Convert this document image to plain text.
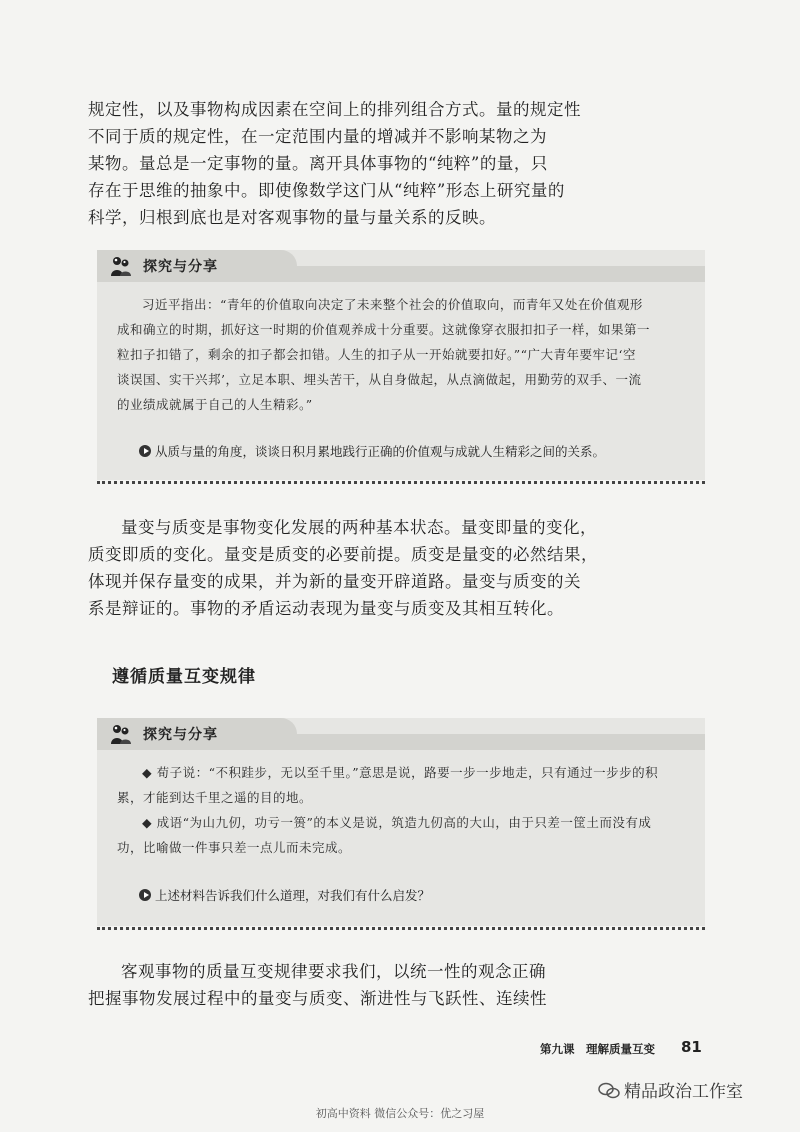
规定性，以及事物构成因素在空间上的排列组合方式。量的规定性
不同于质的规定性，在一定范围内量的增减并不影响某物之为
某物。量总是一定事物的量。离开具体事物的“纯粹”的量，只
存在于思维的抽象中。即使像数学这门从“纯粹”形态上研究量的
科学，归根到底也是对客观事物的量与量关系的反映。
探究与分享
习近平指出：“青年的价值取向决定了未来整个社会的价值取向，而青年又处在价值观形
成和确立的时期，抓好这一时期的价值观养成十分重要。这就像穿衣服扣扣子一样，如果第一
粒扣子扣错了，剩余的扣子都会扣错。人生的扣子从一开始就要扣好。”“广大青年要牢记‘空
谈误国、实干兴邦’，立足本职、埋头苦干，从自身做起，从点滴做起，用勤劳的双手、一流
的业绩成就属于自己的人生精彩。”
从质与量的角度，谈谈日积月累地践行正确的价值观与成就人生精彩之间的关系。
量变与质变是事物变化发展的两种基本状态。量变即量的变化，
质变即质的变化。量变是质变的必要前提。质变是量变的必然结果，
体现并保存量变的成果，并为新的量变开辟道路。量变与质变的关
系是辩证的。事物的矛盾运动表现为量变与质变及其相互转化。
遵循质量互变规律
探究与分享
◆ 荀子说：“不积跬步，无以至千里。”意思是说，路要一步一步地走，只有通过一步步的积
累，才能到达千里之遥的目的地。
◆ 成语“为山九仞，功亏一篑”的本义是说，筑造九仞高的大山，由于只差一筐土而没有成
功，比喻做一件事只差一点儿而未完成。
上述材料告诉我们什么道理，对我们有什么启发？
客观事物的质量互变规律要求我们，以统一性的观念正确
把握事物发展过程中的量变与质变、渐进性与飞跃性、连续性
第九课　理解质量互变 81
精品政治工作室
初高中资料 微信公众号：优之习屋
